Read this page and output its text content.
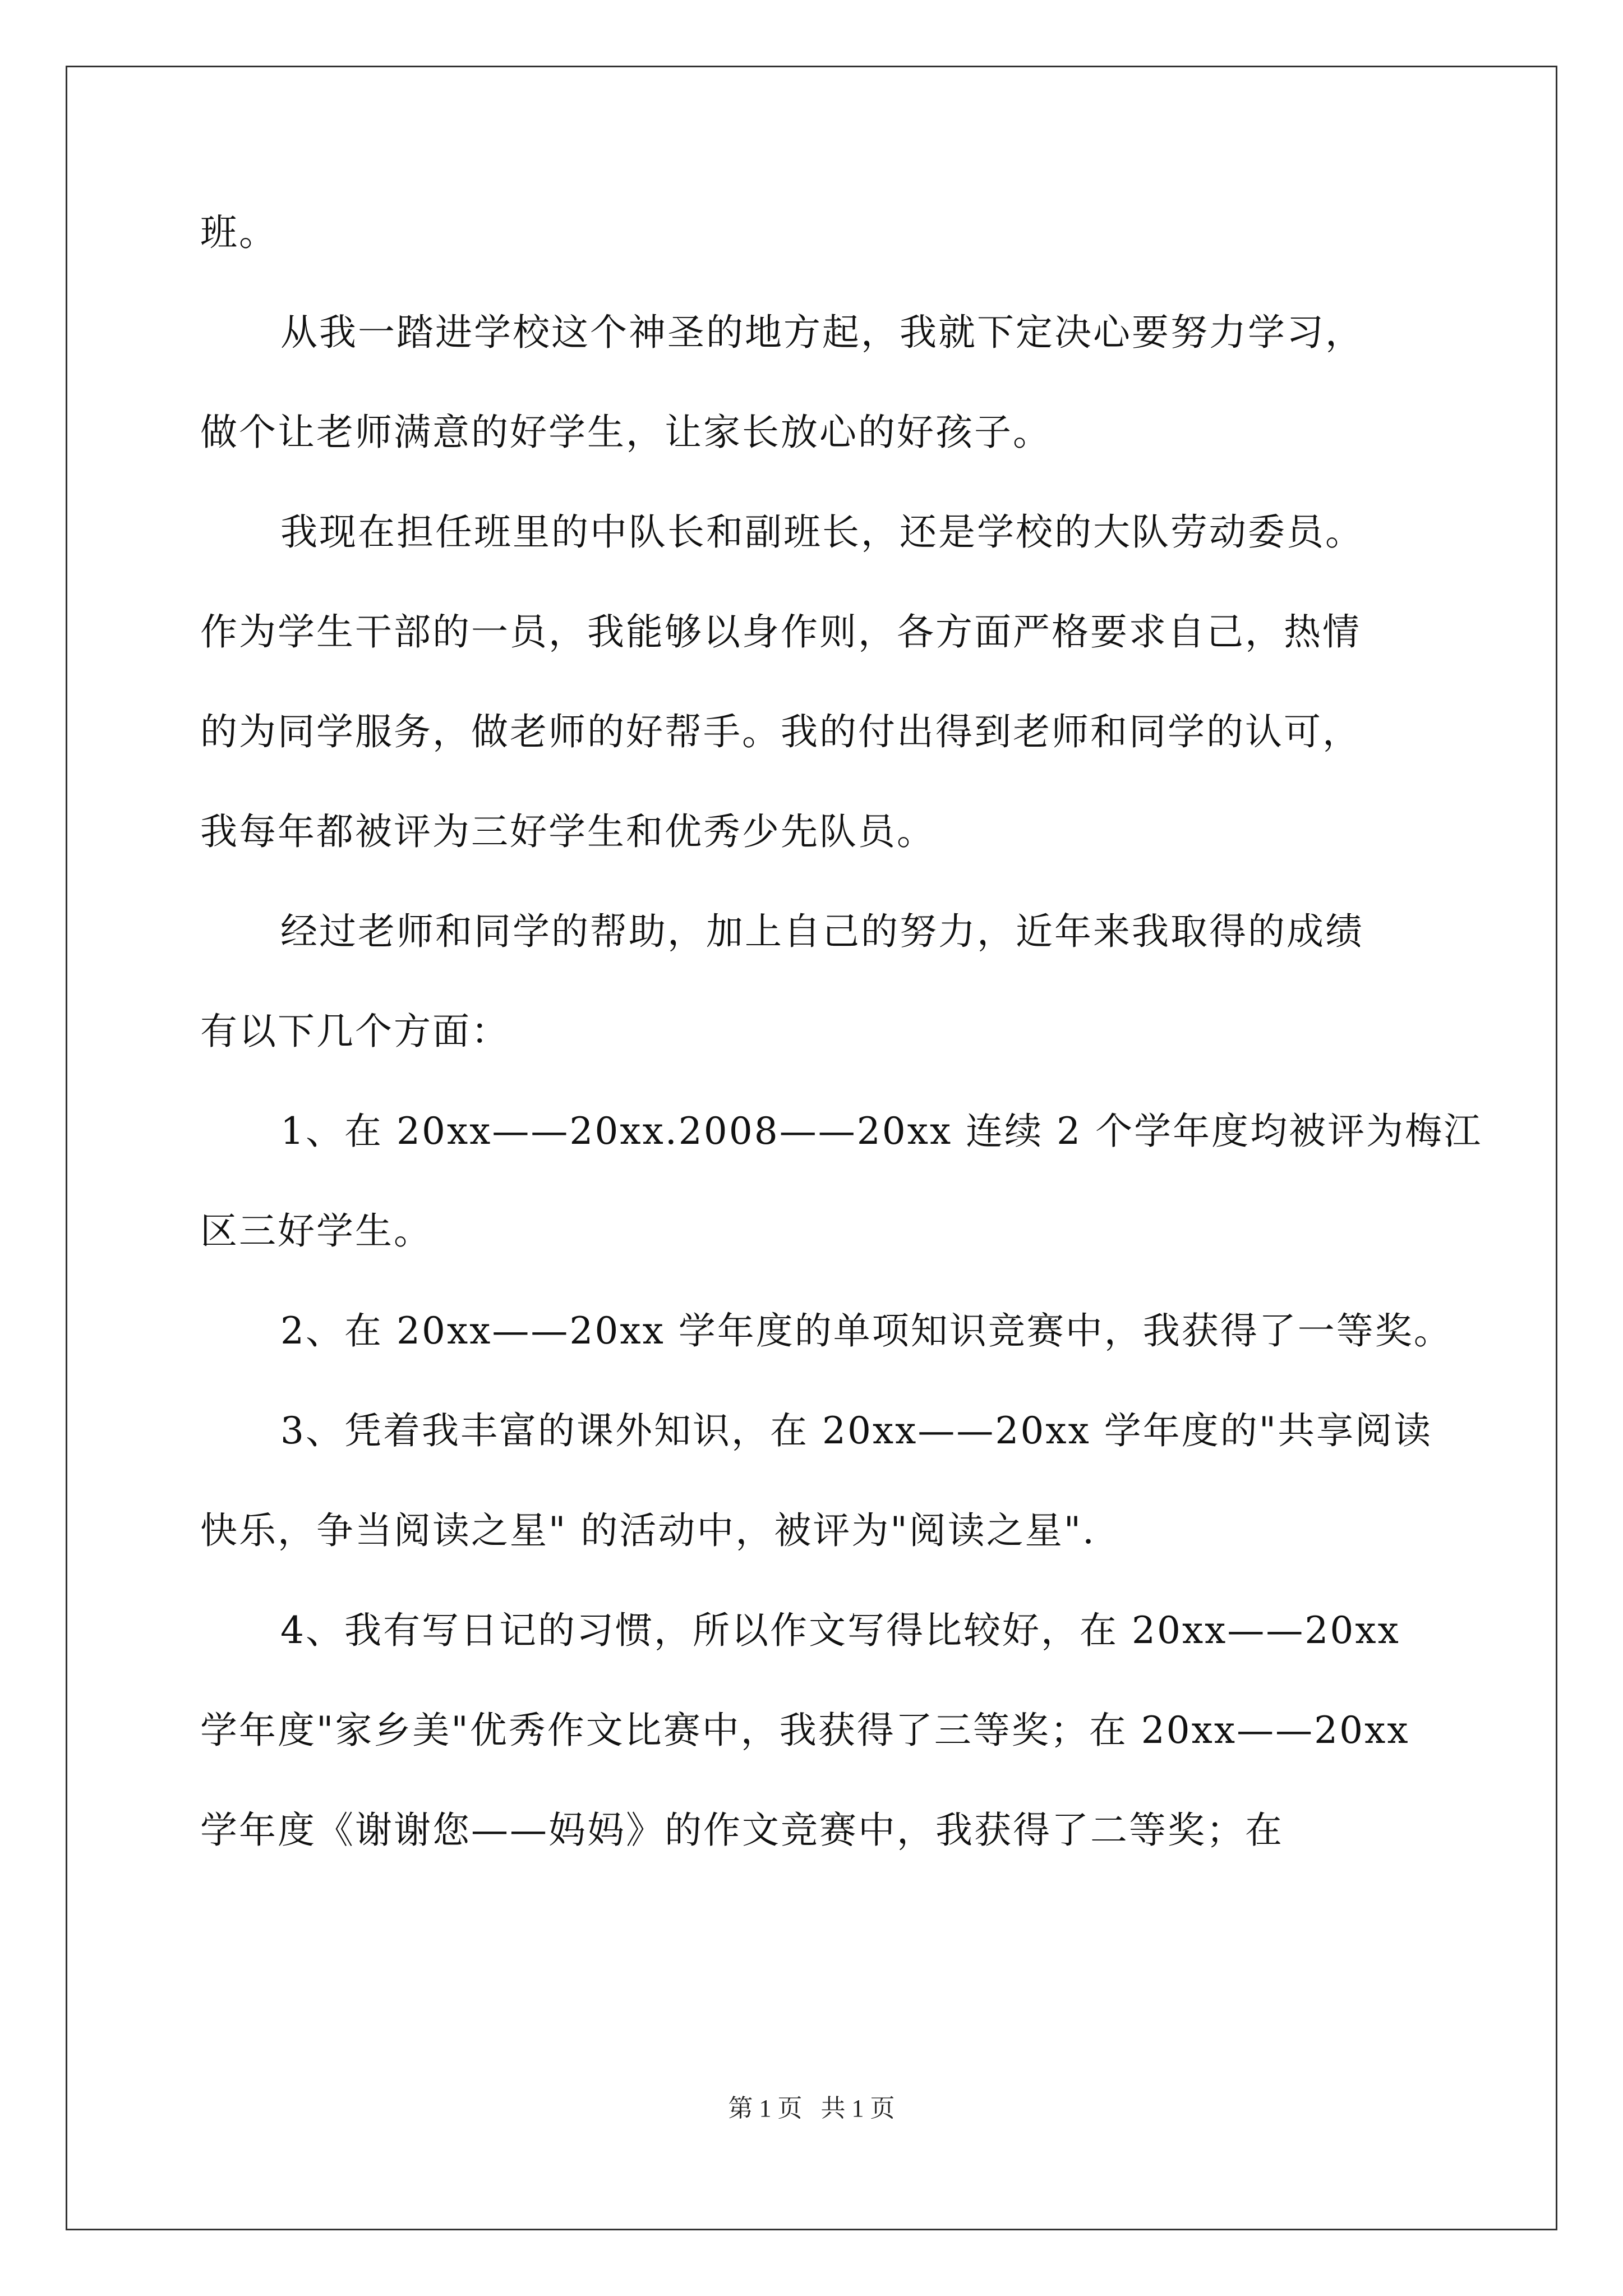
班。

从我一踏进学校这个神圣的地方起，我就下定决心要努力学习，

做个让老师满意的好学生，让家长放心的好孩子。

我现在担任班里的中队长和副班长，还是学校的大队劳动委员。

作为学生干部的一员，我能够以身作则，各方面严格要求自己，热情

的为同学服务，做老师的好帮手。我的付出得到老师和同学的认可，

我每年都被评为三好学生和优秀少先队员。

经过老师和同学的帮助，加上自己的努力，近年来我取得的成绩

有以下几个方面：

1、在 20xx——20xx.2008——20xx 连续 2 个学年度均被评为梅江

区三好学生。

2、在 20xx——20xx 学年度的单项知识竞赛中，我获得了一等奖。

3、凭着我丰富的课外知识，在 20xx——20xx 学年度的"共享阅读

快乐，争当阅读之星" 的活动中，被评为"阅读之星".

4、我有写日记的习惯，所以作文写得比较好，在 20xx——20xx

学年度"家乡美"优秀作文比赛中，我获得了三等奖；在 20xx——20xx

学年度《谢谢您——妈妈》的作文竞赛中，我获得了二等奖；在

第 1 页   共 1 页
